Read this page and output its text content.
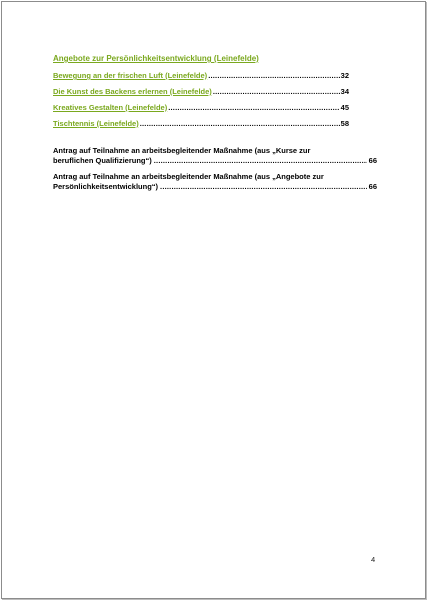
Angebote zur Persönlichkeitsentwicklung (Leinefelde)
Bewegung an der frischen Luft (Leinefelde) .....	32
Die Kunst des Backens erlernen (Leinefelde) .....	34
Kreatives Gestalten (Leinefelde) .....	45
Tischtennis (Leinefelde) .....	58
Antrag auf Teilnahme an arbeitsbegleitender Maßnahme (aus „Kurse zur
beruflichen Qualifizierung“) .....	66
Antrag auf Teilnahme an arbeitsbegleitender Maßnahme (aus „Angebote zur
Persönlichkeitsentwicklung“) .....	66
4
